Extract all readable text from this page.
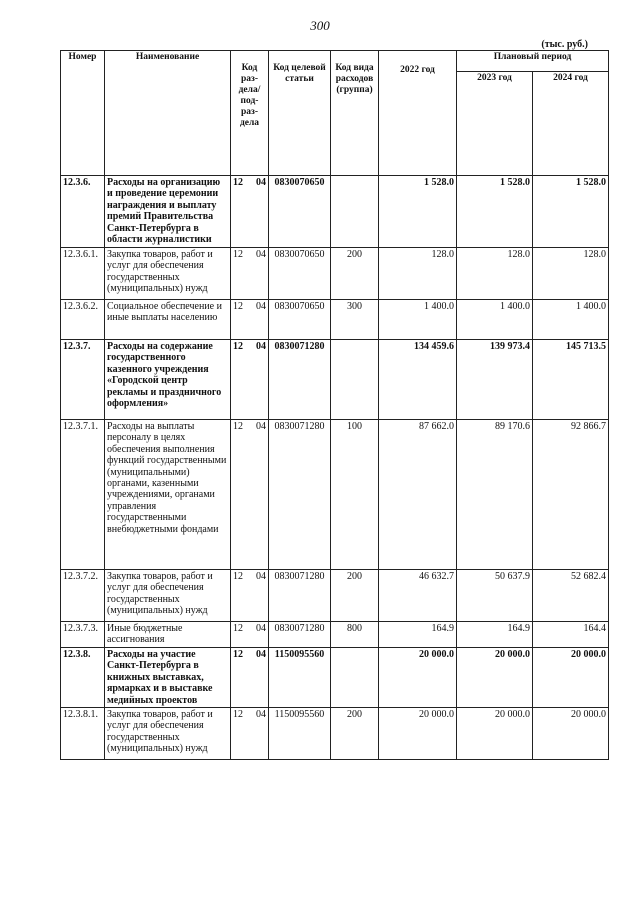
300
(тыс. руб.)
Номер	Наименование	Код раз-дела/ под-раз-дела	Код целевой статьи	Код вида расходов (группа)	2022 год	Плановый период	
						2023 год	2024 год
12.3.6.	Расходы на организацию и проведение церемонии награждения и выплату премий Правительства Санкт-Петербурга в области журналистики	12 04	0830070650		1 528.0	1 528.0	1 528.0
12.3.6.1.	Закупка товаров, работ и услуг для обеспечения государственных (муниципальных) нужд	12 04	0830070650	200	128.0	128.0	128.0
12.3.6.2.	Социальное обеспечение и иные выплаты населению	12 04	0830070650	300	1 400.0	1 400.0	1 400.0
12.3.7.	Расходы на содержание государственного казенного учреждения «Городской центр рекламы и праздничного оформления»	12 04	0830071280		134 459.6	139 973.4	145 713.5
12.3.7.1.	Расходы на выплаты персоналу в целях обеспечения выполнения функций государственными (муниципальными) органами, казенными учреждениями, органами управления государственными внебюджетными фондами	12 04	0830071280	100	87 662.0	89 170.6	92 866.7
12.3.7.2.	Закупка товаров, работ и услуг для обеспечения государственных (муниципальных) нужд	12 04	0830071280	200	46 632.7	50 637.9	52 682.4
12.3.7.3.	Иные бюджетные ассигнования	12 04	0830071280	800	164.9	164.9	164.4
12.3.8.	Расходы на участие Санкт-Петербурга в книжных выставках, ярмарках и в выставке медийных проектов	12 04	1150095560		20 000.0	20 000.0	20 000.0
12.3.8.1.	Закупка товаров, работ и услуг для обеспечения государственных (муниципальных) нужд	12 04	1150095560	200	20 000.0	20 000.0	20 000.0
